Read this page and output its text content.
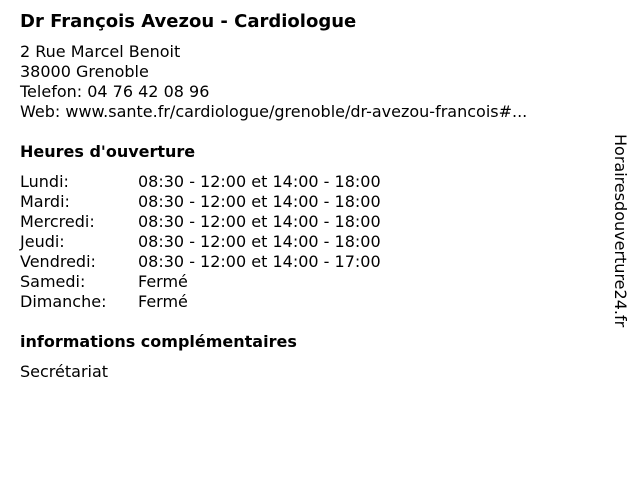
Dr François Avezou - Cardiologue
2 Rue Marcel Benoit
38000 Grenoble
Telefon: 04 76 42 08 96
Web: www.sante.fr/cardiologue/grenoble/dr-avezou-francois#...
Heures d'ouverture
Lundi:	08:30 - 12:00 et 14:00 - 18:00
Mardi:	08:30 - 12:00 et 14:00 - 18:00
Mercredi:	08:30 - 12:00 et 14:00 - 18:00
Jeudi:	08:30 - 12:00 et 14:00 - 18:00
Vendredi:	08:30 - 12:00 et 14:00 - 17:00
Samedi:	Fermé
Dimanche:	Fermé
informations complémentaires
Secrétariat
Horairesdouverture24.fr
